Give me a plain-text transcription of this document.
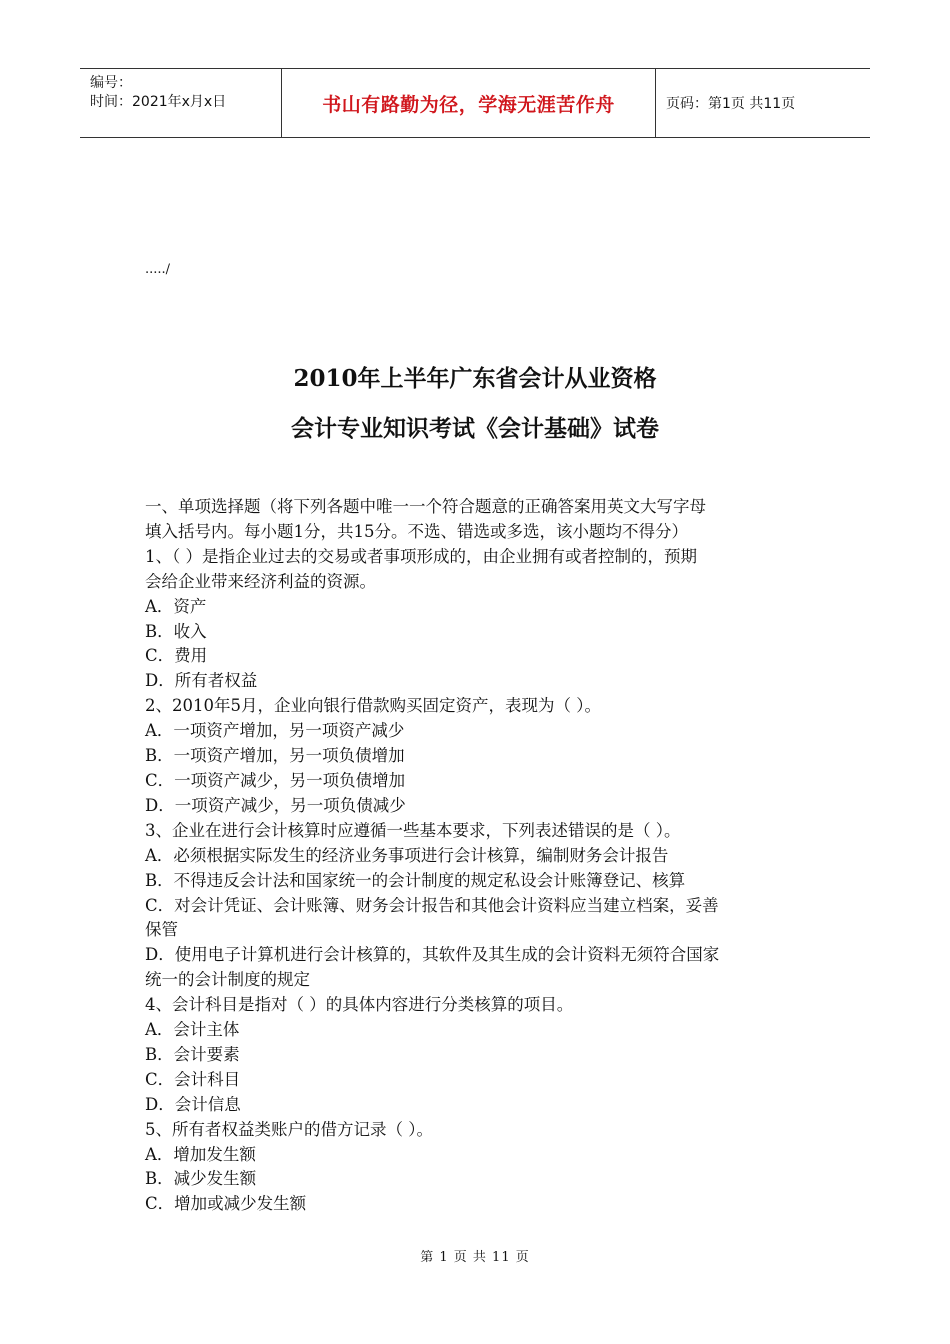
编号：
时间：2021年x月x日	书山有路勤为径，学海无涯苦作舟	页码：第1页 共11页
...../
2010年上半年广东省会计从业资格
会计专业知识考试《会计基础》试卷
一、单项选择题（将下列各题中唯一一个符合题意的正确答案用英文大写字母
填入括号内。每小题1分，共15分。不选、错选或多选，该小题均不得分）
1、（ ）是指企业过去的交易或者事项形成的，由企业拥有或者控制的，预期
会给企业带来经济利益的资源。
A．资产
B．收入
C．费用
D．所有者权益
2、2010年5月，企业向银行借款购买固定资产，表现为（ ）。
A．一项资产增加，另一项资产减少
B．一项资产增加，另一项负债增加
C．一项资产减少，另一项负债增加
D．一项资产减少，另一项负债减少
3、企业在进行会计核算时应遵循一些基本要求，下列表述错误的是（ ）。
A．必须根据实际发生的经济业务事项进行会计核算，编制财务会计报告
B．不得违反会计法和国家统一的会计制度的规定私设会计账簿登记、核算
C．对会计凭证、会计账簿、财务会计报告和其他会计资料应当建立档案，妥善
保管
D．使用电子计算机进行会计核算的，其软件及其生成的会计资料无须符合国家
统一的会计制度的规定
4、会计科目是指对（ ）的具体内容进行分类核算的项目。
A．会计主体
B．会计要素
C．会计科目
D．会计信息
5、所有者权益类账户的借方记录（ ）。
A．增加发生额
B．减少发生额
C．增加或减少发生额
第 1 页 共 11 页
